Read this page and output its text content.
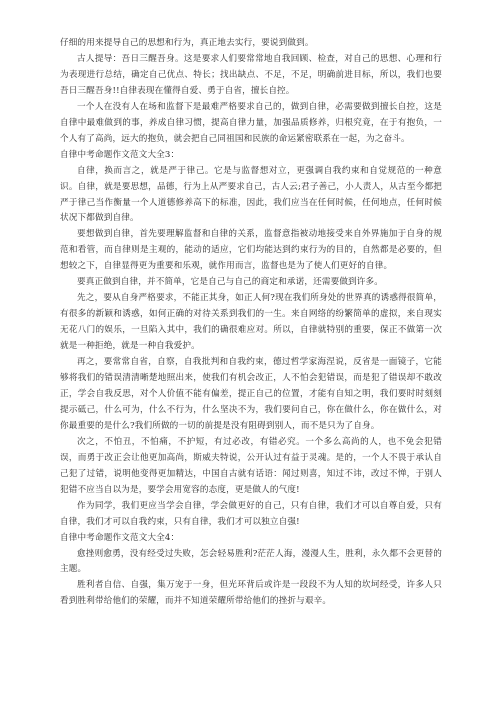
仔细的用来提导自己的思想和行为，真正地去实行，要说到做到。

古人提导：吾日三醒吾身。这是要求人们要常常地自我回顾、检查，对自己的思想、心理和行为表现进行总结，确定自己优点、特长；找出缺点、不足，不足，明确前进目标，所以，我们也要吾日三醒吾身!!自律表现在懂得自爱、勇于自省，擅长自控。

一个人在没有人在场和监督下是最难严格要求自己的，做到自律，必需要做到擅长自控，这是自律中最难做到的事，养成自律习惯，提高自律力量，加强品质修养，归根究竟，在于有抱负，一个人有了高尚，远大的抱负，就会把自己同祖国和民族的命运紧密联系在一起，为之奋斗。

自律中考命题作文范文大全3：

自律，换而言之，就是严于律己。它是与监督想对立，更强调自我约束和自觉规范的一种意识。自律，就是要思想，品德，行为上从严要求自己，古人云;君子善己，小人责人，从古至今都把严于律己当作衡量一个人道德修养高下的标准，因此，我们应当在任何时候，任何地点，任何时候状况下都做到自律。

要想做到自律，首先要理解监督和自律的关系，监督意指被动地接受来自外界施加于自身的规范和看管，而自律则是主观的，能动的适应，它们均能达到约束行为的目的，自然都是必要的，但想较之下，自律显得更为重要和乐观，就作用而言，监督也是为了使人们更好的自律。

要真正做到自律，并不简单，它是自己与自己的商定和承诺，还需要做到许多。

先之，要从自身严格要求，不能正其身，如正人何?现在我们所身处的世界真的诱惑得很简单，有很多的新颖和诱惑，如何正确的对待关系到我们的一生。来自网络的纷繁简单的虚拟，来自现实无花八门的娱乐，一旦陷入其中，我们的确很难应对。所以，自律就特别的重要，保正不做第一次就是一种拒绝，就是一种自我爱护。

再之，要常常自省，自察，自我批判和自我约束，德过哲学家海涅说，反省是一面镜子，它能够将我们的错误清清晰楚地照出来，使我们有机会改正，人不怕会犯错误，而是犯了错误却不敢改正，学会自我反思，对个人价值不能有偏差，提正自己的位置，才能有自知之明，我们要时时刻刻提示砥己，什么可为，什么不行为，什么坚决不为，我们要问自己，你在做什么，你在做什么，对你最重要的是什么?我们所做的一切的前提是没有阻碍到别人，而不是只为了自身。

次之，不怕丑，不怕痛，不护短，有过必改，有错必究。一个多么高尚的人，也不免会犯错误，而勇于改正会让他更加高尚，斯威夫特说，公开认过有益于灵魂。是的，一个人不畏于承认自己犯了过错，说明他变得更加精达，中国自古就有话语：闻过则喜，知过不讳，改过不惮，于别人犯错不应当自以为是，要学会用宽容的态度，更是做人的气度!

作为同学，我们更应当学会自律，学会做更好的自己，只有自律，我们才可以自尊自爱，只有自律，我们才可以自我约束，只有自律，我们才可以独立自强!

自律中考命题作文范文大全4：

愈挫则愈勇，没有经受过失败，怎会轻易胜利?茫茫人海，漫漫人生，胜利，永久都不会更替的主题。

胜利者自信、自强，集万宠于一身，但光环背后或许是一段段不为人知的坎坷经受，许多人只看到胜利带给他们的荣耀，而并不知道荣耀所带给他们的挫折与艰辛。
